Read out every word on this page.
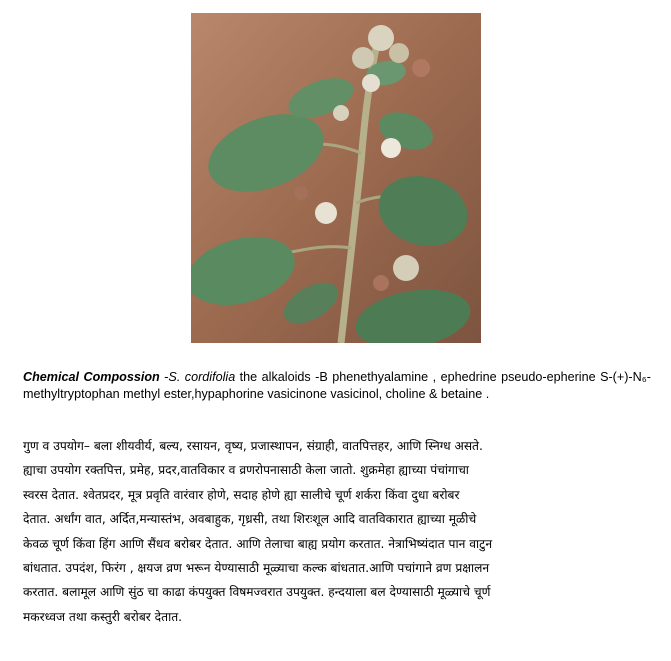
Chemical Compossion -S. cordifolia the alkaloids -B phenethyalamine , ephedrine pseudo-epherine S-(+)-N₆-methyltryptophan methyl ester,hypaphorine vasicinone vasicinol, choline & betaine .
गुण व उपयोग– बला शीयवीर्य, बल्य, रसायन, वृष्य, प्रजास्थापन, संग्राही, वातपित्तहर, आणि स्निग्ध असते.
ह्याचा उपयोग रक्तपित्त, प्रमेह, प्रदर,वातविकार व व्रणरोपनासाठी केला जातो. शुक्रमेहा ह्याच्या पंचांगाचा
स्वरस देतात. श्वेतप्रदर, मूत्र प्रवृति वारंवार होणे, सदाह होणे ह्या सालीचे चूर्ण शर्करा किंवा दुधा बरोबर
देतात. अर्धांग वात, अर्दित,मन्यास्तंभ, अवबाहुक, गृध्रसी, तथा शिरःशूल आदि वातविकारात ह्याच्या मूळीचे
केवळ चूर्ण किंवा हिंग आणि सैंधव बरोबर देतात. आणि तेलाचा बाह्य प्रयोग करतात. नेत्राभिष्यंदात पान वाटुन
बांधतात. उपदंश, फिरंग , क्षयज व्रण भरून येण्यासाठी मूळ्याचा कल्क बांधतात.आणि पचांगाने व्रण प्रक्षालन
करतात. बलामूल आणि सुंठ चा काढा कंपयुक्त विषमज्वरात उपयुक्त. हन्दयाला बल देण्यासाठी मूळ्याचे चूर्ण
मकरध्वज तथा कस्तुरी बरोबर देतात.
